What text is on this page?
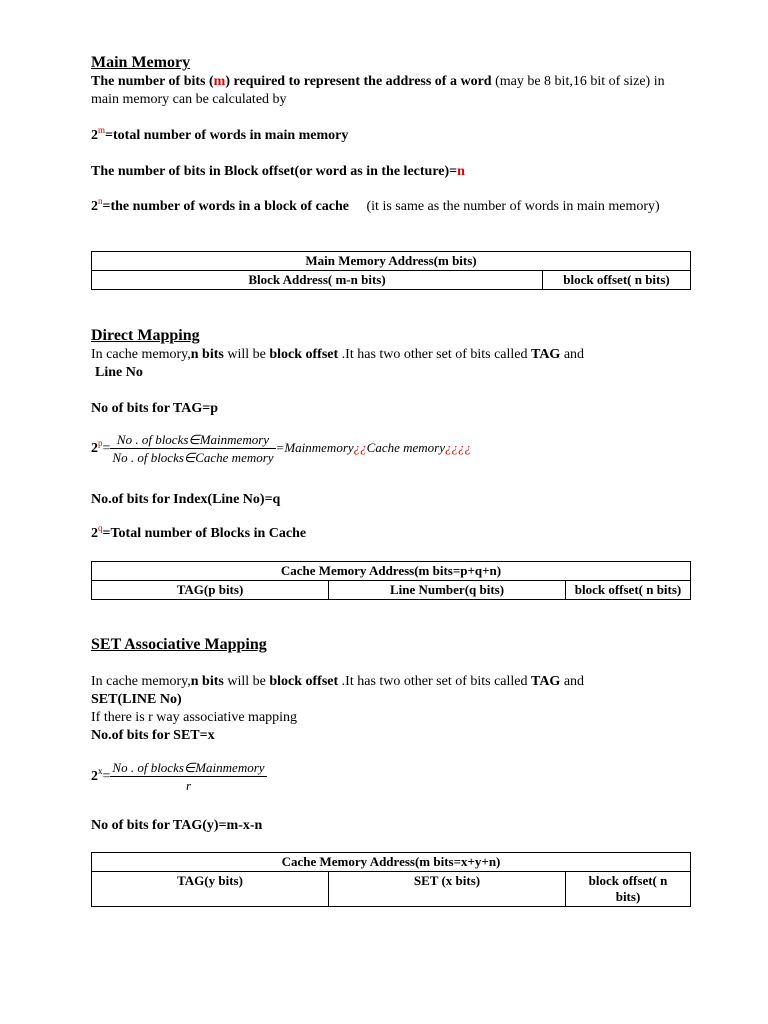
Main Memory
The number of bits (m) required to represent the address of a word (may be 8 bit,16 bit of size) in main memory can be calculated by
$2^m=total$ number of words in main memory
The number of bits in Block offset(or word as in the lecture)=n
$2^n=the$ number of words in a block of cache (it is same as the number of words in main memory)
Main Memory Address(m bits)
Block Address( m-n bits)	block offset( n bits)
Direct Mapping
In cache memory,n bits will be block offset .It has two other set of bits called TAG and
Line No
No of bits for TAG=p
$2^p= \frac{\text{No . of blocks∈Mainmemory}}{\text{No . of blocks∈Cache memory}}$ =Mainmemory¿¿Cache memory¿¿¿¿
No.of bits for Index(Line No)=q
$2^q=Total$ number of Blocks in Cache
Cache Memory Address(m bits=p+q+n)
TAG(p bits)	Line Number(q bits)	block offset( n bits)
SET Associative Mapping
In cache memory,n bits will be block offset .It has two other set of bits called TAG and
SET(LINE No)
If there is r way associative mapping
No.of bits for SET=x
$2^x= \frac{\text{No . of blocks∈Mainmemory}}{r}$
No of bits for TAG(y)=m-x-n
Cache Memory Address(m bits=x+y+n)
TAG(y bits)	SET (x bits)	block offset( n bits)
